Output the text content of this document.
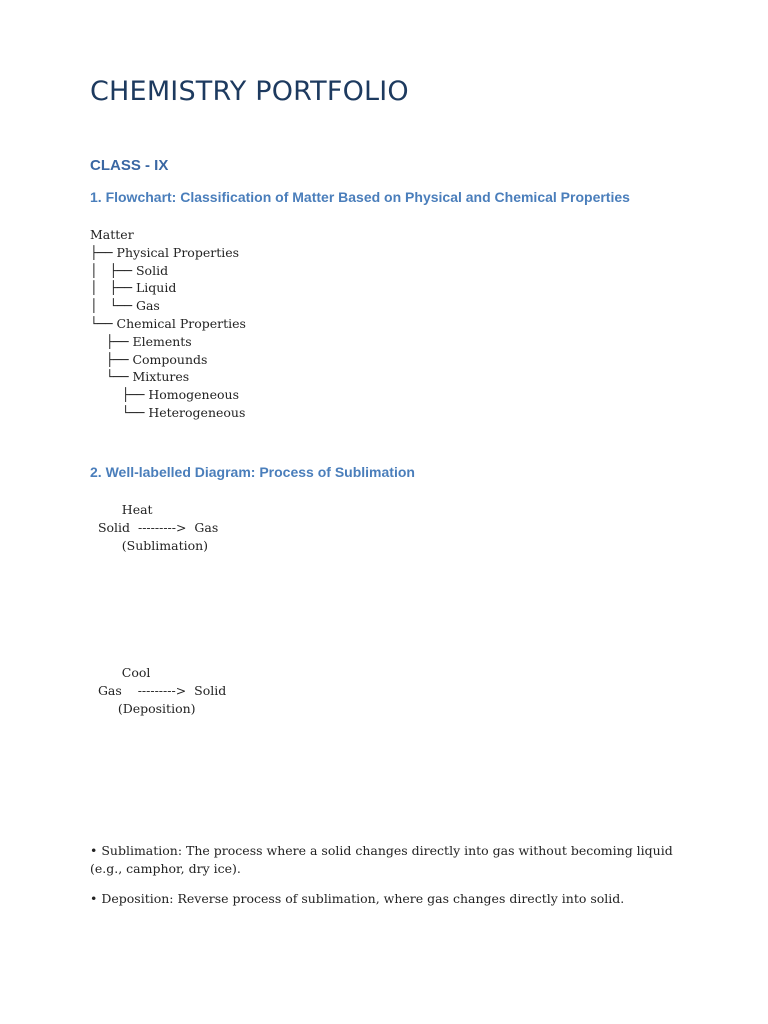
CHEMISTRY PORTFOLIO
CLASS - IX
1. Flowchart: Classification of Matter Based on Physical and Chemical Properties
Matter
├── Physical Properties
│   ├── Solid
│   ├── Liquid
│   └── Gas
└── Chemical Properties
├── Elements
├── Compounds
└── Mixtures
├── Homogeneous
└── Heterogeneous
2. Well-labelled Diagram: Process of Sublimation
Heat
Solid  --------->  Gas
(Sublimation)
Cool
Gas    --------->  Solid
(Deposition)

• Sublimation: The process where a solid changes directly into gas without becoming liquid (e.g., camphor, dry ice).

• Deposition: Reverse process of sublimation, where gas changes directly into solid.
